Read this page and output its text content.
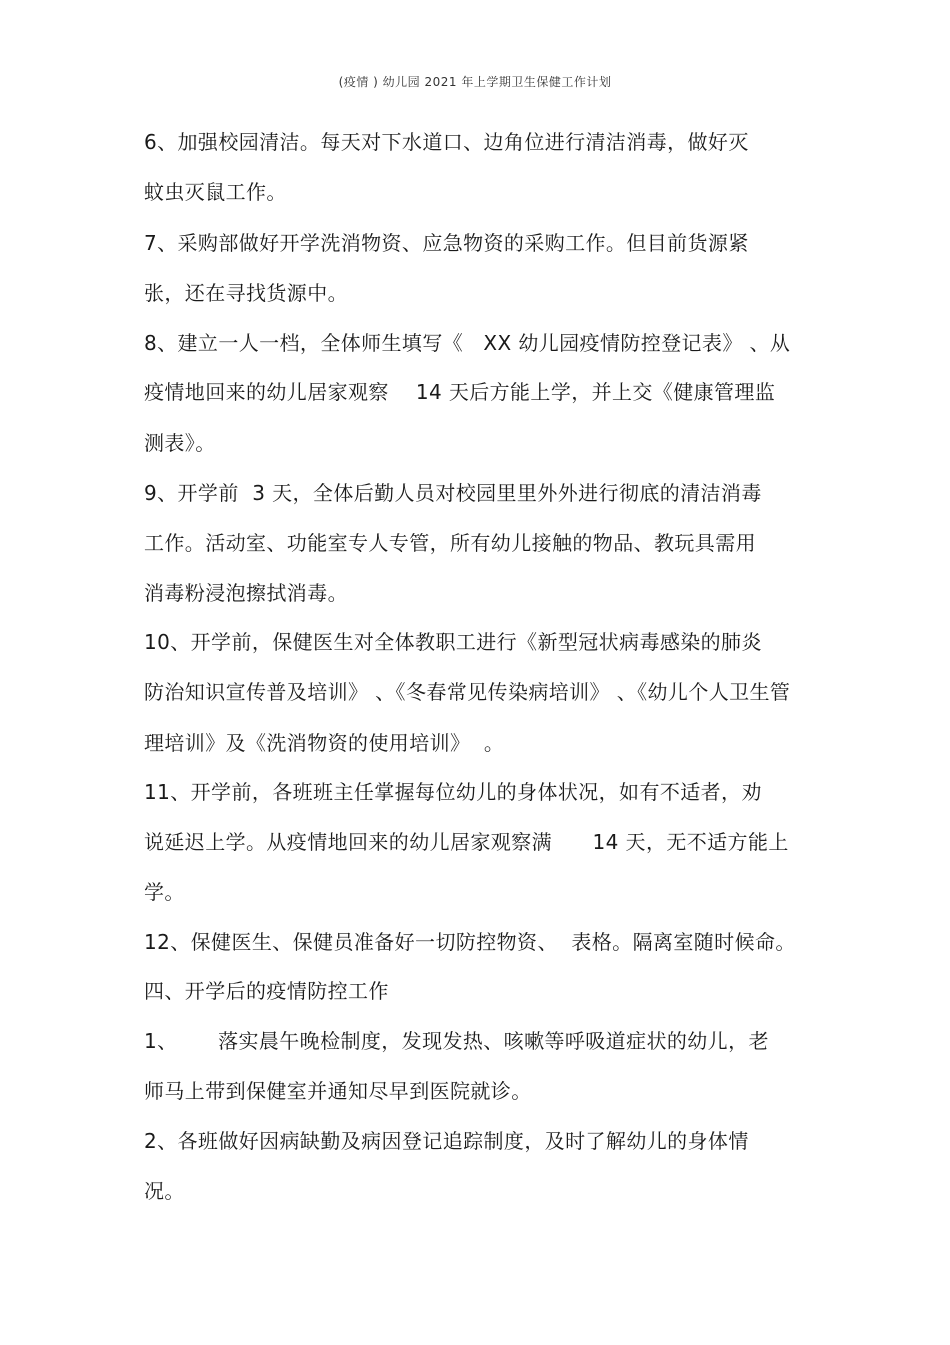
(疫情 ) 幼儿园 2021 年上学期卫生保健工作计划
6、加强校园清洁。每天对下水道口、边角位进行清洁消毒，做好灭
蚊虫灭鼠工作。
7、采购部做好开学洗消物资、应急物资的采购工作。但目前货源紧
张，还在寻找货源中。
8、建立一人一档，全体师生填写《   XX 幼儿园疫情防控登记表》 、从
疫情地回来的幼儿居家观察    14 天后方能上学，并上交《健康管理监
测表》。
9、开学前  3 天，全体后勤人员对校园里里外外进行彻底的清洁消毒
工作。活动室、功能室专人专管，所有幼儿接触的物品、教玩具需用
消毒粉浸泡擦拭消毒。
10、开学前，保健医生对全体教职工进行《新型冠状病毒感染的肺炎
防治知识宣传普及培训》 、《冬春常见传染病培训》 、《幼儿个人卫生管
理培训》及《洗消物资的使用培训》  。
11、开学前，各班班主任掌握每位幼儿的身体状况，如有不适者，劝
说延迟上学。从疫情地回来的幼儿居家观察满      14 天，无不适方能上
学。
12、保健医生、保健员准备好一切防控物资、  表格。隔离室随时候命。
四、开学后的疫情防控工作
1、      落实晨午晚检制度，发现发热、咳嗽等呼吸道症状的幼儿，老
师马上带到保健室并通知尽早到医院就诊。
2、各班做好因病缺勤及病因登记追踪制度，及时了解幼儿的身体情
况。
